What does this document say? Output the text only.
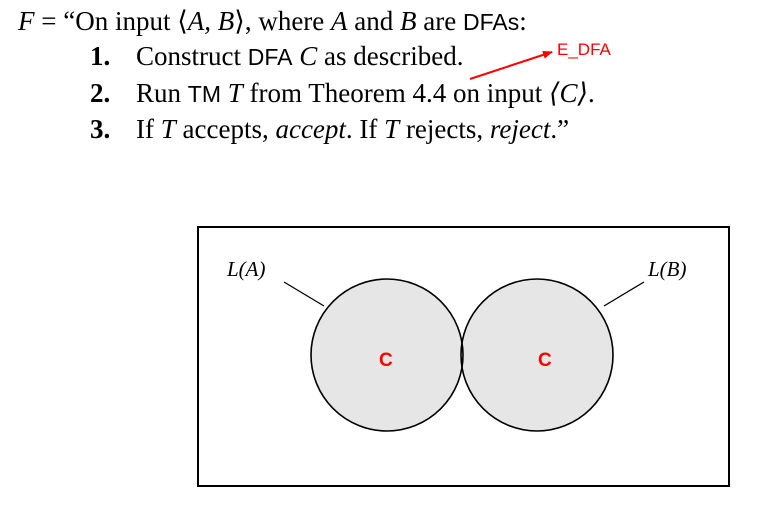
F = “On input ⟨A, B⟩, where A and B are DFAs:
1. Construct DFA C as described.
2. Run TM T from Theorem 4.4 on input ⟨C⟩.
3. If T accepts, accept. If T rejects, reject.”
E_DFA
L(A)	L(B)
C	C
